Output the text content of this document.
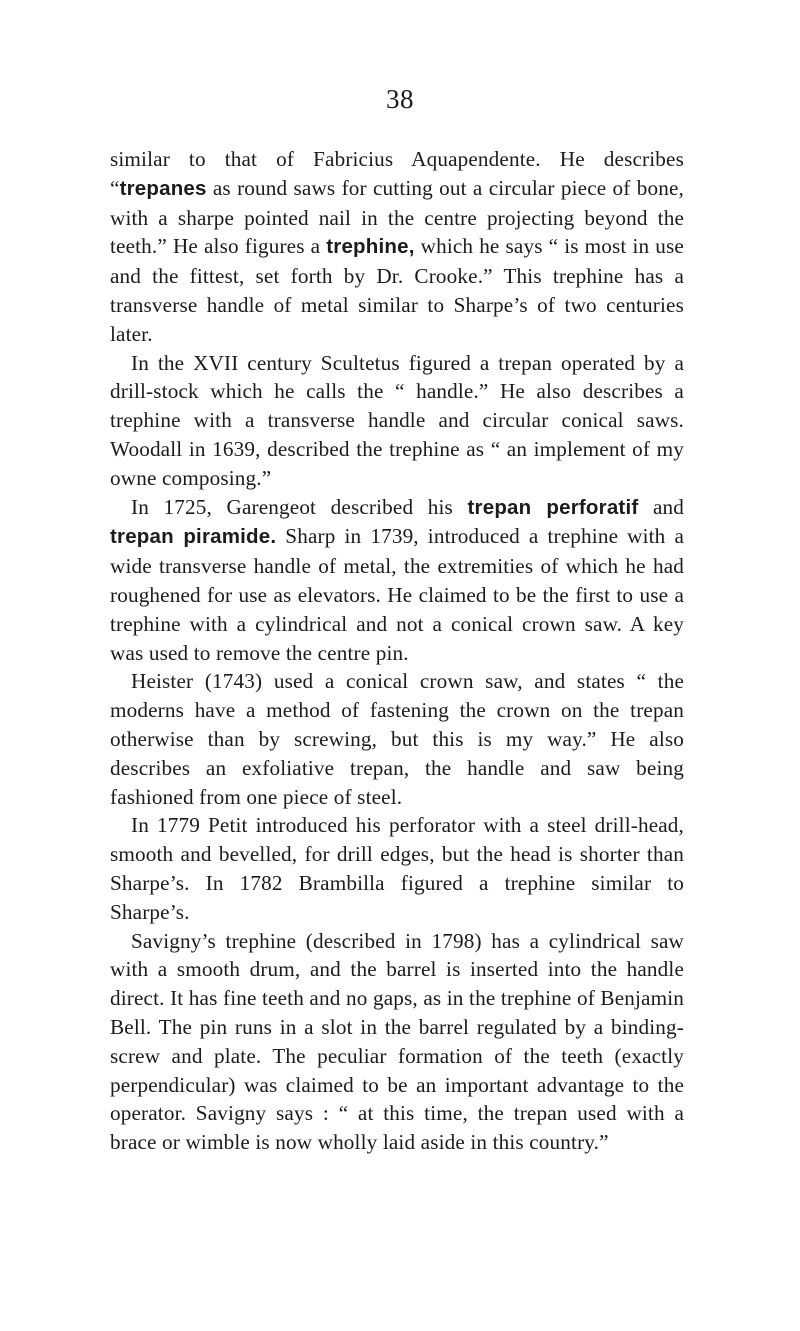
38

similar to that of Fabricius Aquapendente. He describes “trepanes as round saws for cutting out a circular piece of bone, with a sharpe pointed nail in the centre projecting beyond the teeth.” He also figures a trephine, which he says “ is most in use and the fittest, set forth by Dr. Crooke.” This trephine has a transverse handle of metal similar to Sharpe’s of two centuries later.

In the XVII century Scultetus figured a trepan operated by a drill-stock which he calls the “ handle.” He also describes a trephine with a transverse handle and circular conical saws. Woodall in 1639, described the trephine as “ an implement of my owne composing.”

In 1725, Garengeot described his trepan perforatif and trepan piramide. Sharp in 1739, introduced a trephine with a wide transverse handle of metal, the extremities of which he had roughened for use as elevators. He claimed to be the first to use a trephine with a cylindrical and not a conical crown saw. A key was used to remove the centre pin.

Heister (1743) used a conical crown saw, and states “ the moderns have a method of fastening the crown on the trepan otherwise than by screwing, but this is my way.” He also describes an exfoliative trepan, the handle and saw being fashioned from one piece of steel.

In 1779 Petit introduced his perforator with a steel drill-head, smooth and bevelled, for drill edges, but the head is shorter than Sharpe’s. In 1782 Brambilla figured a trephine similar to Sharpe’s.

Savigny’s trephine (described in 1798) has a cylindrical saw with a smooth drum, and the barrel is inserted into the handle direct. It has fine teeth and no gaps, as in the trephine of Benjamin Bell. The pin runs in a slot in the barrel regulated by a binding-screw and plate. The peculiar formation of the teeth (exactly perpendicular) was claimed to be an important advantage to the operator. Savigny says : “ at this time, the trepan used with a brace or wimble is now wholly laid aside in this country.”
